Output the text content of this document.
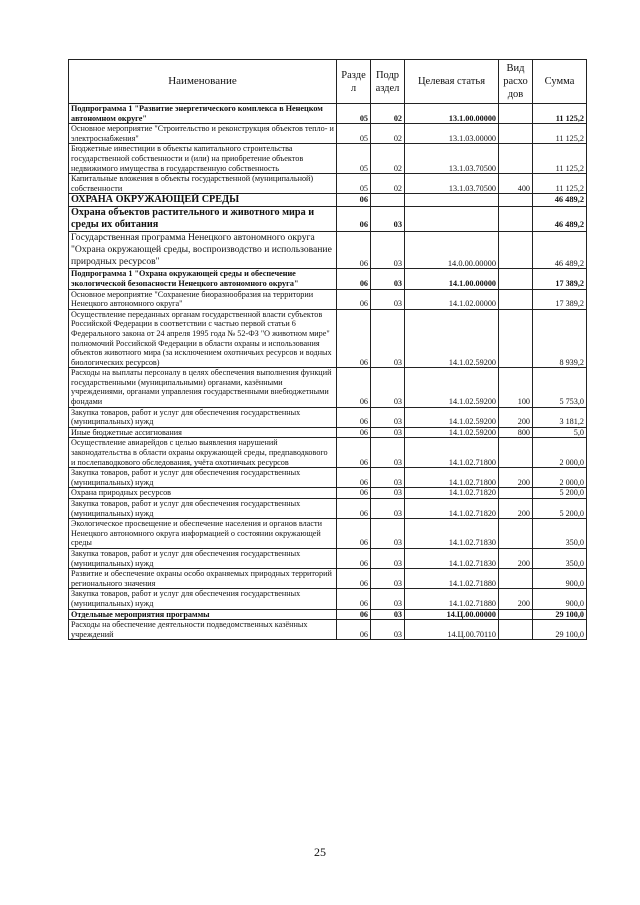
Наименование	Разде л	Подр аздел	Целевая статья	Вид расхо дов	Сумма
Подпрограмма 1 "Развитие энергетического комплекса в Ненецком автономном округе"	05	02	13.1.00.00000		11 125,2
Основное мероприятие "Строительство и реконструкция объектов тепло- и электроснабжения"	05	02	13.1.03.00000		11 125,2
Бюджетные инвестиции в объекты капитального строительства государственной собственности и (или) на приобретение объектов недвижимого имущества в государственную собственность	05	02	13.1.03.70500		11 125,2
Капитальные вложения в объекты государственной (муниципальной) собственности	05	02	13.1.03.70500	400	11 125,2
ОХРАНА ОКРУЖАЮЩЕЙ СРЕДЫ	06				46 489,2
Охрана объектов растительного и животного мира и среды их обитания	06	03			46 489,2
Государственная программа Ненецкого автономного округа "Охрана окружающей среды, воспроизводство и использование природных ресурсов"	06	03	14.0.00.00000		46 489,2
Подпрограмма 1 "Охрана окружающей среды и обеспечение экологической безопасности Ненецкого автономного округа"	06	03	14.1.00.00000		17 389,2
Основное мероприятие "Сохранение биоразнообразия на территории Ненецкого автономного округа"	06	03	14.1.02.00000		17 389,2
Осуществление переданных органам государственной власти субъектов Российской Федерации в соответствии с частью первой статьи 6 Федерального закона от 24 апреля 1995 года № 52-ФЗ "О животном мире" полномочий Российской Федерации в области охраны и использования объектов животного мира (за исключением охотничьих ресурсов и водных биологических ресурсов)	06	03	14.1.02.59200		8 939,2
Расходы на выплаты персоналу в целях обеспечения выполнения функций государственными (муниципальными) органами, казёнными учреждениями, органами управления государственными внебюджетными фондами	06	03	14.1.02.59200	100	5 753,0
Закупка товаров, работ и услуг для обеспечения государственных (муниципальных) нужд	06	03	14.1.02.59200	200	3 181,2
Иные бюджетные ассигнования	06	03	14.1.02.59200	800	5,0
Осуществление авиарейдов с целью выявления нарушений законодательства в области охраны окружающей среды, предпаводкового и послепаводкового обследования, учёта охотничьих ресурсов	06	03	14.1.02.71800		2 000,0
Закупка товаров, работ и услуг для обеспечения государственных (муниципальных) нужд	06	03	14.1.02.71800	200	2 000,0
Охрана природных ресурсов	06	03	14.1.02.71820		5 200,0
Закупка товаров, работ и услуг для обеспечения государственных (муниципальных) нужд	06	03	14.1.02.71820	200	5 200,0
Экологическое просвещение и обеспечение населения и органов власти Ненецкого автономного округа информацией о состоянии окружающей среды	06	03	14.1.02.71830		350,0
Закупка товаров, работ и услуг для обеспечения государственных (муниципальных) нужд	06	03	14.1.02.71830	200	350,0
Развитие и обеспечение охраны особо охраняемых природных территорий регионального значения	06	03	14.1.02.71880		900,0
Закупка товаров, работ и услуг для обеспечения государственных (муниципальных) нужд	06	03	14.1.02.71880	200	900,0
Отдельные мероприятия программы	06	03	14.Ц.00.00000		29 100,0
Расходы на обеспечение деятельности подведомственных казённых учреждений	06	03	14.Ц.00.70110		29 100,0
25
